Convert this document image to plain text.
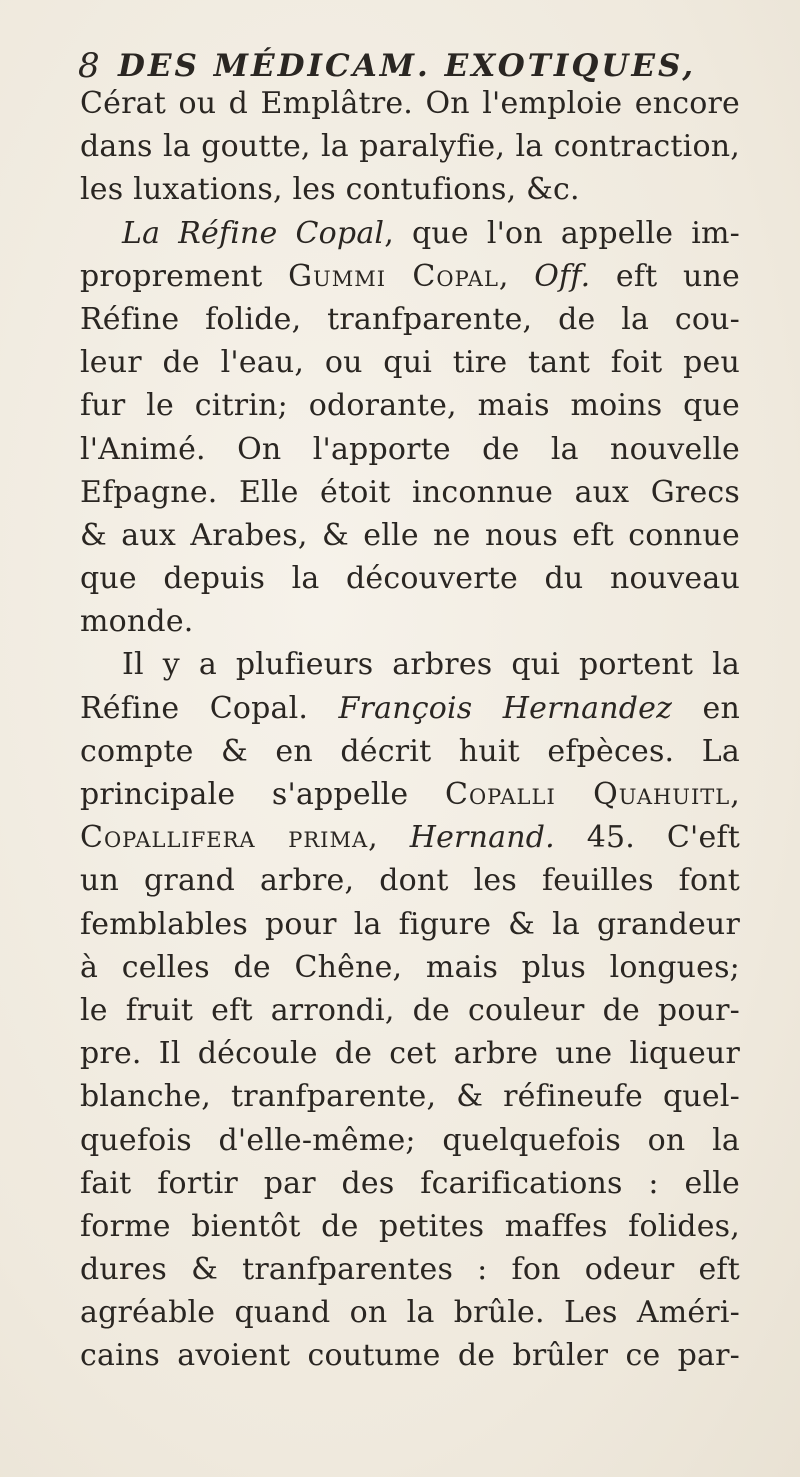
8 DES MÉDICAM. EXOTIQUES,
Cérat ou d Emplâtre. On l'emploie encore
dans la goutte, la paralyfie, la contraction,
les luxations, les contufions, &c.
La Réfine Copal, que l'on appelle im-
proprement Gummi Copal, Off. eft une
Réfine folide, tranfparente, de la cou-
leur de l'eau, ou qui tire tant foit peu
fur le citrin; odorante, mais moins que
l'Animé. On l'apporte de la nouvelle
Efpagne. Elle étoit inconnue aux Grecs
& aux Arabes, & elle ne nous eft connue
que depuis la découverte du nouveau
monde.
Il y a plufieurs arbres qui portent la
Réfine Copal. François Hernandez en
compte & en décrit huit efpèces. La
principale s'appelle Copalli Quahuitl,
Copallifera prima, Hernand. 45. C'eft
un grand arbre, dont les feuilles font
femblables pour la figure & la grandeur
à celles de Chêne, mais plus longues;
le fruit eft arrondi, de couleur de pour-
pre. Il découle de cet arbre une liqueur
blanche, tranfparente, & réfineufe quel-
quefois d'elle-même; quelquefois on la
fait fortir par des fcarifications : elle
forme bientôt de petites maffes folides,
dures & tranfparentes : fon odeur eft
agréable quand on la brûle. Les Améri-
cains avoient coutume de brûler ce par-
